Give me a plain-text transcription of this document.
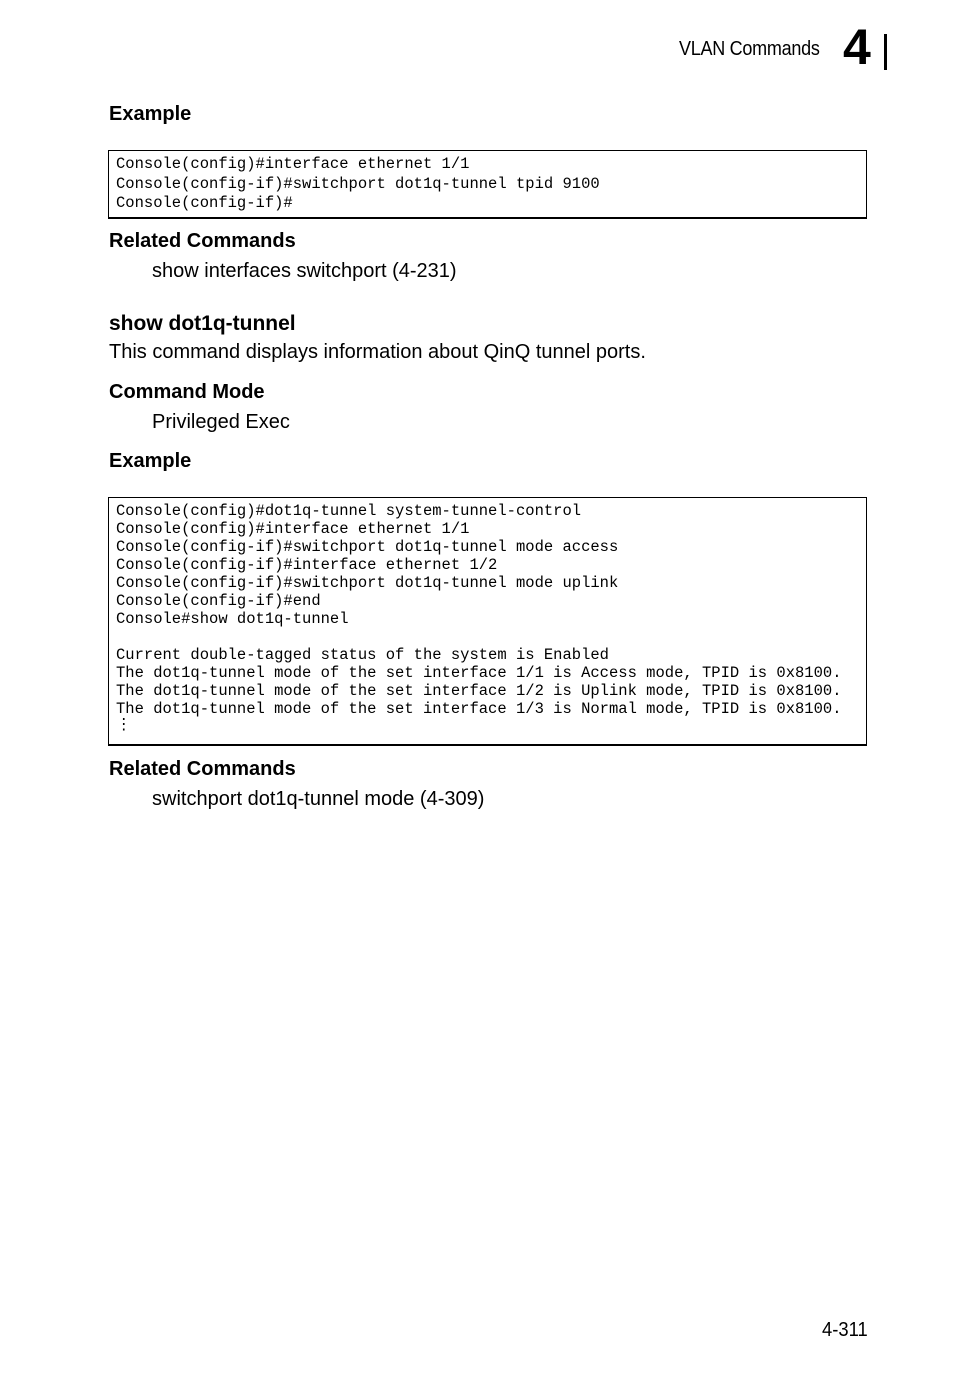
VLAN Commands 4
Example
Console(config)#interface ethernet 1/1
Console(config-if)#switchport dot1q-tunnel tpid 9100
Console(config-if)#
Related Commands
show interfaces switchport (4-231)
show dot1q-tunnel
This command displays information about QinQ tunnel ports.
Command Mode
Privileged Exec
Example
Console(config)#dot1q-tunnel system-tunnel-control
Console(config)#interface ethernet 1/1
Console(config-if)#switchport dot1q-tunnel mode access
Console(config-if)#interface ethernet 1/2
Console(config-if)#switchport dot1q-tunnel mode uplink
Console(config-if)#end
Console#show dot1q-tunnel
Current double-tagged status of the system is Enabled
The dot1q-tunnel mode of the set interface 1/1 is Access mode, TPID is 0x8100.
The dot1q-tunnel mode of the set interface 1/2 is Uplink mode, TPID is 0x8100.
The dot1q-tunnel mode of the set interface 1/3 is Normal mode, TPID is 0x8100.
⋮
Related Commands
switchport dot1q-tunnel mode (4-309)
4-311
